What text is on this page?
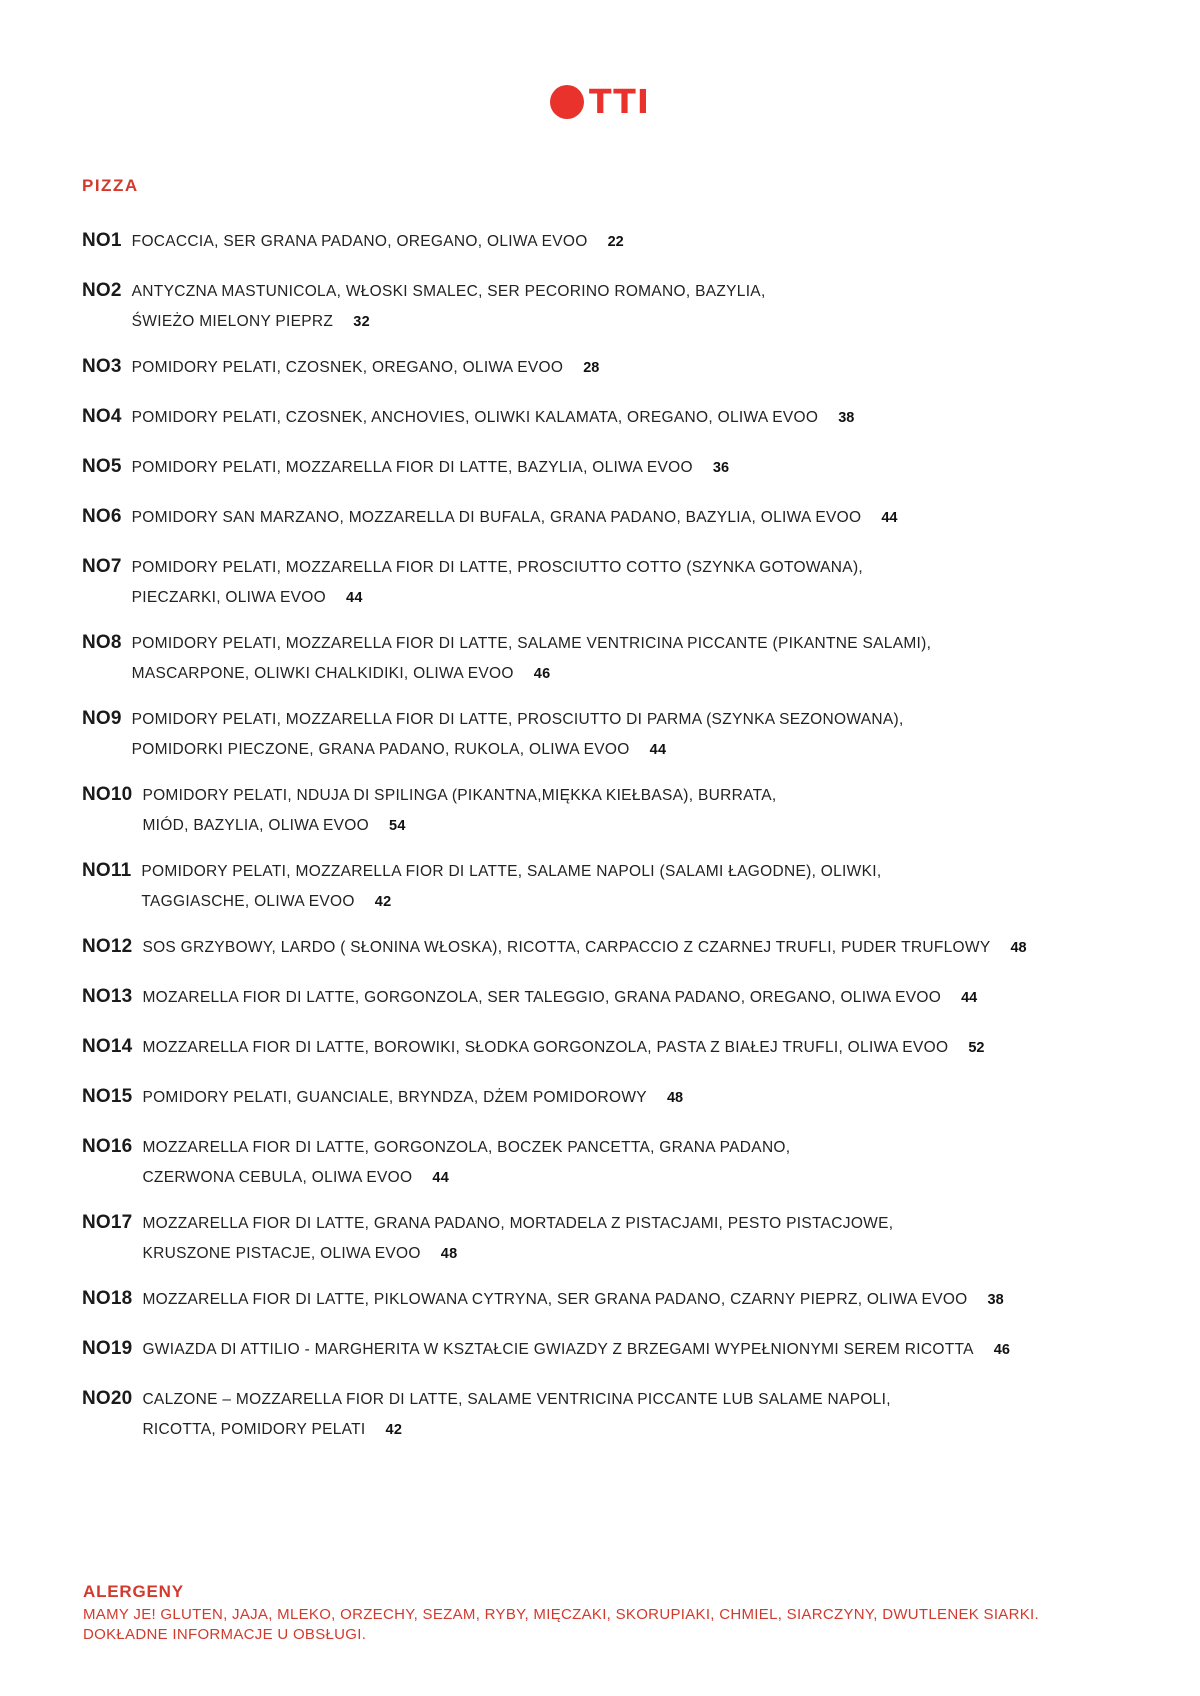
TTI
PIZZA
NO1 FOCACCIA, SER GRANA PADANO, OREGANO, OLIWA EVOO 22
NO2 ANTYCZNA MASTUNICOLA, WŁOSKI SMALEC, SER PECORINO ROMANO, BAZYLIA,
ŚWIEŻO MIELONY PIEPRZ 32
NO3 POMIDORY PELATI, CZOSNEK, OREGANO, OLIWA EVOO 28
NO4 POMIDORY PELATI, CZOSNEK, ANCHOVIES, OLIWKI KALAMATA, OREGANO, OLIWA EVOO 38
NO5 POMIDORY PELATI, MOZZARELLA FIOR DI LATTE, BAZYLIA, OLIWA EVOO 36
NO6 POMIDORY SAN MARZANO, MOZZARELLA DI BUFALA, GRANA PADANO, BAZYLIA, OLIWA EVOO 44
NO7 POMIDORY PELATI, MOZZARELLA FIOR DI LATTE, PROSCIUTTO COTTO (SZYNKA GOTOWANA),
PIECZARKI, OLIWA EVOO 44
NO8 POMIDORY PELATI, MOZZARELLA FIOR DI LATTE, SALAME VENTRICINA PICCANTE (PIKANTNE SALAMI),
MASCARPONE, OLIWKI CHALKIDIKI, OLIWA EVOO 46
NO9 POMIDORY PELATI, MOZZARELLA FIOR DI LATTE, PROSCIUTTO DI PARMA (SZYNKA SEZONOWANA),
POMIDORKI PIECZONE, GRANA PADANO, RUKOLA, OLIWA EVOO 44
NO10 POMIDORY PELATI, NDUJA DI SPILINGA (PIKANTNA,MIĘKKA KIEŁBASA), BURRATA,
MIÓD, BAZYLIA, OLIWA EVOO 54
NO11 POMIDORY PELATI, MOZZARELLA FIOR DI LATTE, SALAME NAPOLI (SALAMI ŁAGODNE), OLIWKI,
TAGGIASCHE, OLIWA EVOO 42
NO12 SOS GRZYBOWY, LARDO ( SŁONINA WŁOSKA), RICOTTA, CARPACCIO Z CZARNEJ TRUFLI, PUDER TRUFLOWY 48
NO13 MOZARELLA FIOR DI LATTE, GORGONZOLA, SER TALEGGIO, GRANA PADANO, OREGANO, OLIWA EVOO 44
NO14 MOZZARELLA FIOR DI LATTE, BOROWIKI, SŁODKA GORGONZOLA, PASTA Z BIAŁEJ TRUFLI, OLIWA EVOO 52
NO15 POMIDORY PELATI, GUANCIALE, BRYNDZA, DŻEM POMIDOROWY 48
NO16 MOZZARELLA FIOR DI LATTE, GORGONZOLA, BOCZEK PANCETTA, GRANA PADANO,
CZERWONA CEBULA, OLIWA EVOO 44
NO17 MOZZARELLA FIOR DI LATTE, GRANA PADANO, MORTADELA Z PISTACJAMI, PESTO PISTACJOWE,
KRUSZONE PISTACJE, OLIWA EVOO 48
NO18 MOZZARELLA FIOR DI LATTE, PIKLOWANA CYTRYNA, SER GRANA PADANO, CZARNY PIEPRZ, OLIWA EVOO 38
NO19 GWIAZDA DI ATTILIO - MARGHERITA W KSZTAŁCIE GWIAZDY Z BRZEGAMI WYPEŁNIONYMI SEREM RICOTTA 46
NO20 CALZONE – MOZZARELLA FIOR DI LATTE, SALAME VENTRICINA PICCANTE LUB SALAME NAPOLI,
RICOTTA, POMIDORY PELATI 42
ALERGENY
MAMY JE! GLUTEN, JAJA, MLEKO, ORZECHY, SEZAM, RYBY, MIĘCZAKI, SKORUPIAKI, CHMIEL, SIARCZYNY, DWUTLENEK SIARKI.
DOKŁADNE INFORMACJE U OBSŁUGI.
